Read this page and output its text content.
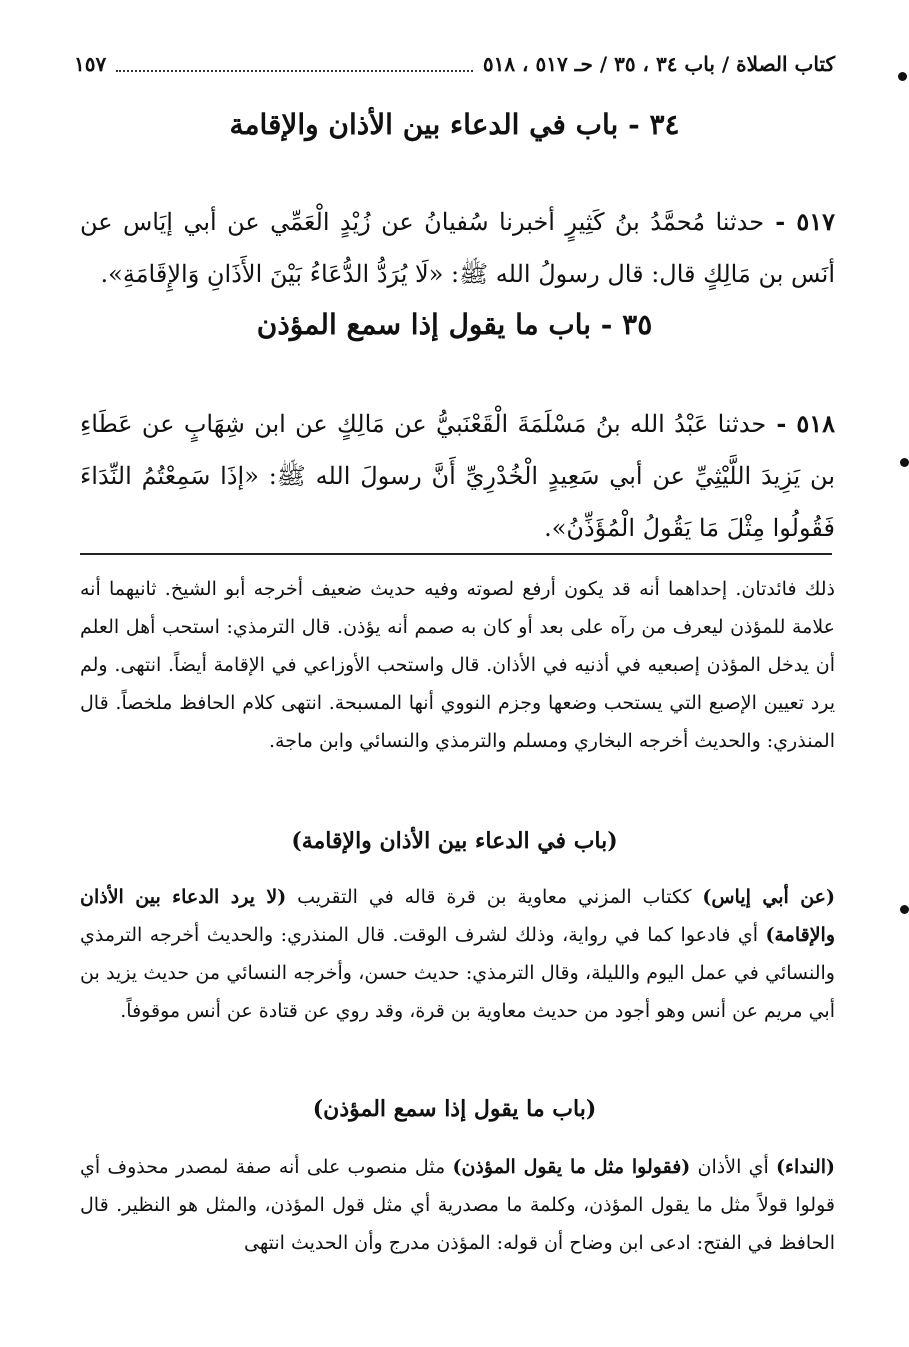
كتاب الصلاة / باب ٣٤ ، ٣٥ / حـ ٥١٧ ، ٥١٨
١٥٧
٣٤ - باب في الدعاء بين الأذان والإقامة
٥١٧ - حدثنا مُحمَّدُ بنُ كَثِيرٍ أخبرنا سُفيانُ عن زُيْدٍ الْعَمِّي عن أبي إيَاس عن أنَس بن مَالِكٍ قال: قال رسولُ الله ﷺ: «لَا يُرَدُّ الدُّعَاءُ بَيْنَ الأَذَانِ وَالإِقَامَةِ».
٣٥ - باب ما يقول إذا سمع المؤذن
٥١٨ - حدثنا عَبْدُ الله بنُ مَسْلَمَةَ الْقَعْنَبيُّ عن مَالِكٍ عن ابن شِهَابٍ عن عَطَاءِ بن يَزِيدَ اللَّيْثِيِّ عن أبي سَعِيدٍ الْخُدْرِيِّ أَنَّ رسولَ الله ﷺ: «إذَا سَمِعْتُمُ النِّدَاءَ فَقُولُوا مِثْلَ مَا يَقُولُ الْمُؤَذِّنُ».
ذلك فائدتان. إحداهما أنه قد يكون أرفع لصوته وفيه حديث ضعيف أخرجه أبو الشيخ. ثانيهما أنه علامة للمؤذن ليعرف من رآه على بعد أو كان به صمم أنه يؤذن. قال الترمذي: استحب أهل العلم أن يدخل المؤذن إصبعيه في أذنيه في الأذان. قال واستحب الأوزاعي في الإقامة أيضاً. انتهى. ولم يرد تعيين الإصبع التي يستحب وضعها وجزم النووي أنها المسبحة. انتهى كلام الحافظ ملخصاً. قال المنذري: والحديث أخرجه البخاري ومسلم والترمذي والنسائي وابن ماجة.
(باب في الدعاء بين الأذان والإقامة)
(عن أبي إياس) ككتاب المزني معاوية بن قرة قاله في التقريب (لا يرد الدعاء بين الأذان والإقامة) أي فادعوا كما في رواية، وذلك لشرف الوقت. قال المنذري: والحديث أخرجه الترمذي والنسائي في عمل اليوم والليلة، وقال الترمذي: حديث حسن، وأخرجه النسائي من حديث يزيد بن أبي مريم عن أنس وهو أجود من حديث معاوية بن قرة، وقد روي عن قتادة عن أنس موقوفاً.
(باب ما يقول إذا سمع المؤذن)
(النداء) أي الأذان (فقولوا مثل ما يقول المؤذن) مثل منصوب على أنه صفة لمصدر محذوف أي قولوا قولاً مثل ما يقول المؤذن، وكلمة ما مصدرية أي مثل قول المؤذن، والمثل هو النظير. قال الحافظ في الفتح: ادعى ابن وضاح أن قوله: المؤذن مدرج وأن الحديث انتهى
